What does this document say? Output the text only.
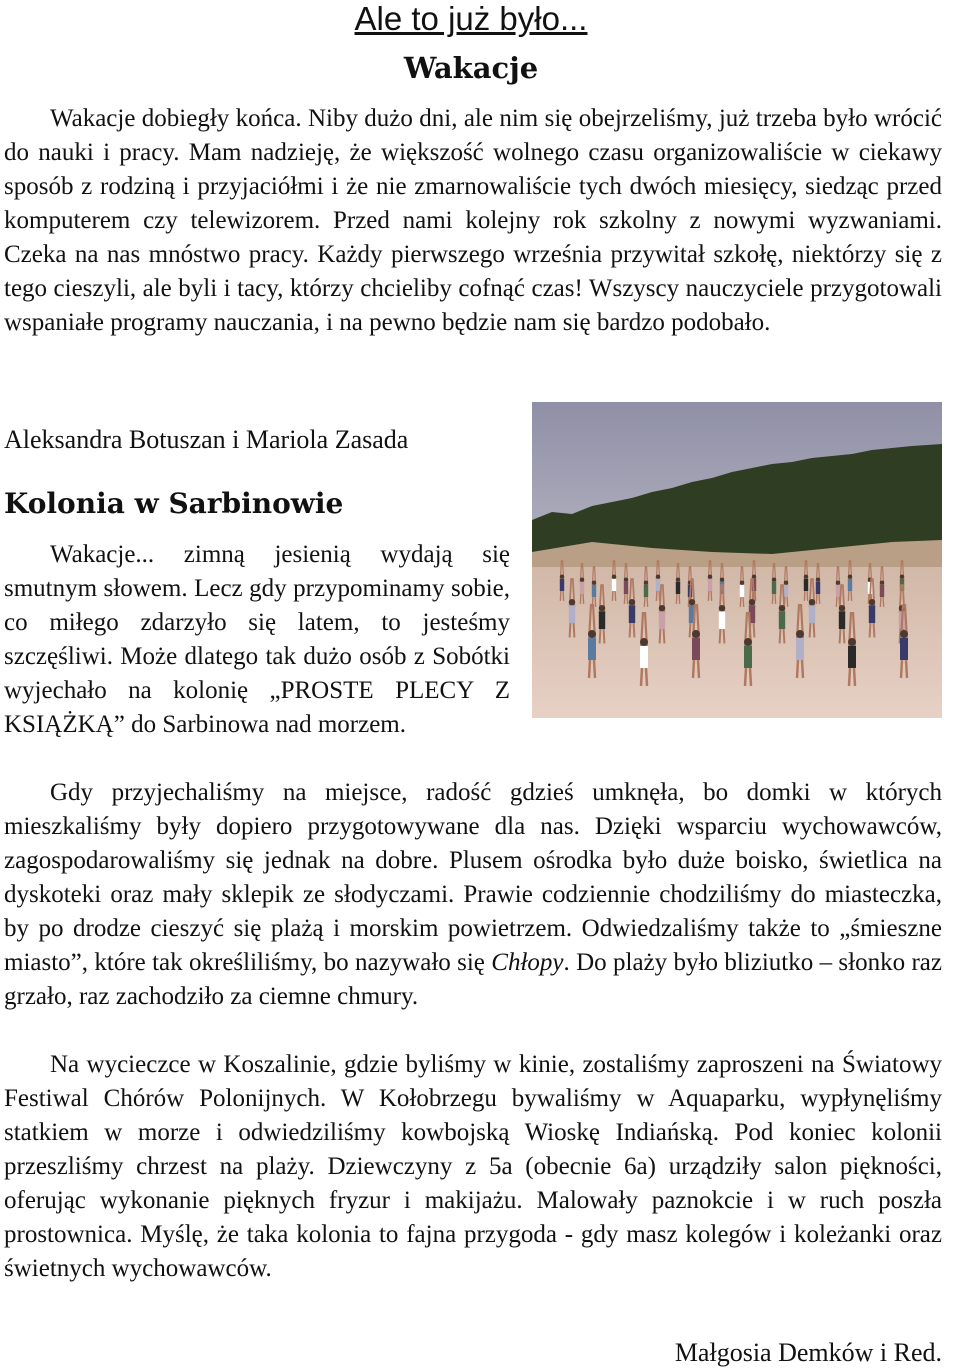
Ale to już było...
Wakacje

Wakacje dobiegły końca. Niby dużo dni, ale nim się obejrzeliśmy, już trzeba było wrócić do nauki i pracy. Mam nadzieję, że większość wolnego czasu organizowaliście w ciekawy sposób z rodziną i przyjaciółmi i że nie zmarnowaliście tych dwóch miesięcy, siedząc przed komputerem czy telewizorem. Przed nami kolejny rok szkolny z nowymi wyzwaniami. Czeka na nas mnóstwo pracy. Każdy pierwszego września przywitał szkołę, niektórzy się z tego cieszyli, ale byli i tacy, którzy chcieliby cofnąć czas! Wszyscy nauczyciele przygotowali wspaniałe programy nauczania, i na pewno będzie nam się bardzo podobało.

Aleksandra Botuszan i Mariola Zasada
Kolonia w Sarbinowie

Wakacje... zimną jesienią wydają się smutnym słowem. Lecz gdy przypominamy sobie, co miłego zdarzyło się latem, to jesteśmy szczęśliwi. Może dlatego tak dużo osób z Sobótki wyjechało na kolonię „PROSTE PLECY Z KSIĄŻKĄ” do Sarbinowa nad morzem.

Gdy przyjechaliśmy na miejsce, radość gdzieś umknęła, bo domki w których mieszkaliśmy były dopiero przygotowywane dla nas. Dzięki wsparciu wychowawców, zagospodarowaliśmy się jednak na dobre. Plusem ośrodka było duże boisko, świetlica na dyskoteki oraz mały sklepik ze słodyczami. Prawie codziennie chodziliśmy do miasteczka, by po drodze cieszyć się plażą i morskim powietrzem. Odwiedzaliśmy także to „śmieszne miasto”, które tak określiliśmy, bo nazywało się Chłopy. Do plaży było bliziutko – słonko raz grzało, raz zachodziło za ciemne chmury.

Na wycieczce w Koszalinie, gdzie byliśmy w kinie, zostaliśmy zaproszeni na Światowy Festiwal Chórów Polonijnych. W Kołobrzegu bywaliśmy w Aquaparku, wypłynęliśmy statkiem w morze i odwiedziliśmy kowbojską Wioskę Indiańską. Pod koniec kolonii przeszliśmy chrzest na plaży. Dziewczyny z 5a (obecnie 6a) urządziły salon piękności, oferując wykonanie pięknych fryzur i makijażu. Malowały paznokcie i w ruch poszła prostownica. Myślę, że taka kolonia to fajna przygoda - gdy masz kolegów i koleżanki oraz świetnych wychowawców.

Małgosia Demków i Red.
